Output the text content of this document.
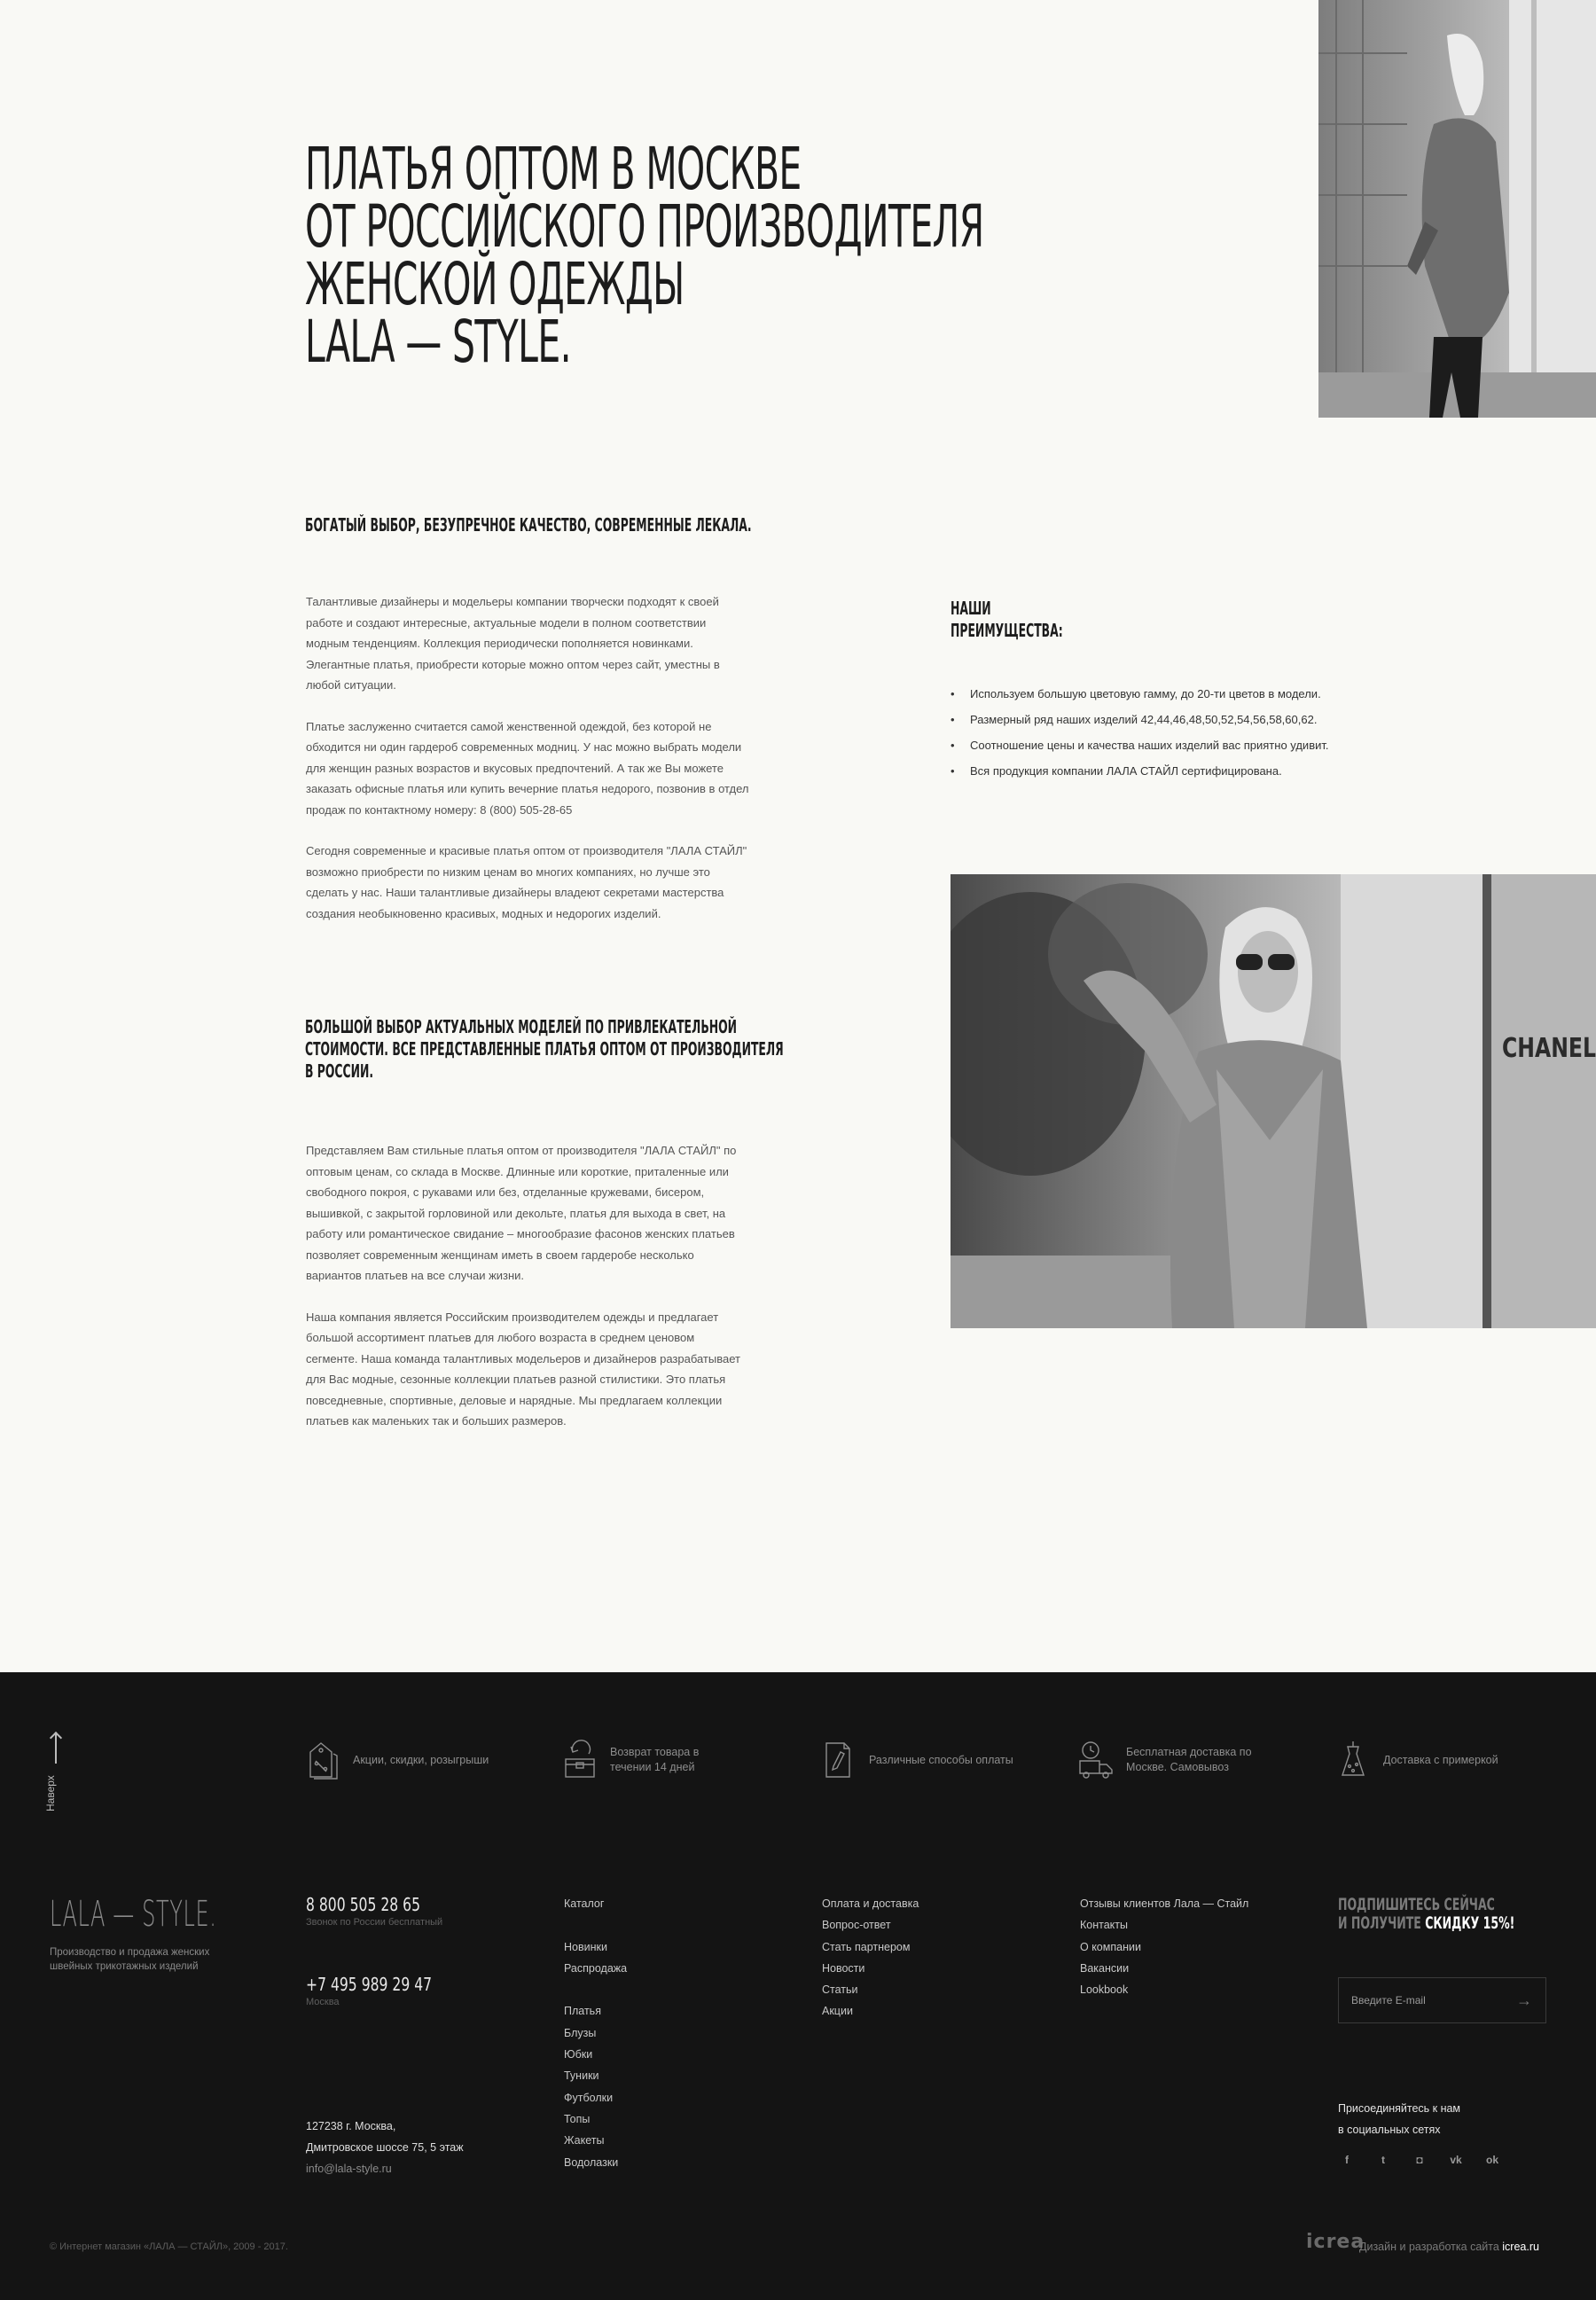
ПЛАТЬЯ ОПТОМ В МОСКВЕ
ОТ РОССИЙСКОГО ПРОИЗВОДИТЕЛЯ
ЖЕНСКОЙ ОДЕЖДЫ
LALA — STYLE.
БОГАТЫЙ ВЫБОР, БЕЗУПРЕЧНОЕ КАЧЕСТВО, СОВРЕМЕННЫЕ ЛЕКАЛА.

Талантливые дизайнеры и модельеры компании творчески подходят к своей работе и создают интересные, актуальные модели в полном соответствии модным тенденциям. Коллекция периодически пополняется новинками. Элегантные платья, приобрести которые можно оптом через сайт, уместны в любой ситуации.

Платье заслуженно считается самой женственной одеждой, без которой не обходится ни один гардероб современных модниц. У нас можно выбрать модели для женщин разных возрастов и вкусовых предпочтений. А так же Вы можете заказать офисные платья или купить вечерние платья недорого, позвонив в отдел продаж по контактному номеру: 8 (800) 505-28-65

Сегодня современные и красивые платья оптом от производителя "ЛАЛА СТАЙЛ" возможно приобрести по низким ценам во многих компаниях, но лучше это сделать у нас. Наши талантливые дизайнеры владеют секретами мастерства создания необыкновенно красивых, модных и недорогих изделий.

НАШИ
ПРЕИМУЩЕСТВА:
• Используем большую цветовую гамму, до 20-ти цветов в модели.
• Размерный ряд наших изделий 42,44,46,48,50,52,54,56,58,60,62.
• Соотношение цены и качества наших изделий вас приятно удивит.
• Вся продукция компании ЛАЛА СТАЙЛ сертифицирована.
CHANEL
БОЛЬШОЙ ВЫБОР АКТУАЛЬНЫХ МОДЕЛЕЙ ПО ПРИВЛЕКАТЕЛЬНОЙ
СТОИМОСТИ. ВСЕ ПРЕДСТАВЛЕННЫЕ ПЛАТЬЯ ОПТОМ ОТ ПРОИЗВОДИТЕЛЯ
В РОССИИ.

Представляем Вам стильные платья оптом от производителя "ЛАЛА СТАЙЛ" по оптовым ценам, со склада в Москве. Длинные или короткие, приталенные или свободного покроя, с рукавами или без, отделанные кружевами, бисером, вышивкой, с закрытой горловиной или декольте, платья для выхода в свет, на работу или романтическое свидание – многообразие фасонов женских платьев позволяет современным женщинам иметь в своем гардеробе несколько вариантов платьев на все случаи жизни.

Наша компания является Российским производителем одежды и предлагает большой ассортимент платьев для любого возраста в среднем ценовом сегменте. Наша команда талантливых модельеров и дизайнеров разрабатывает для Вас модные, сезонные коллекции платьев разной стилистики. Это платья повседневные, спортивные, деловые и нарядные. Мы предлагаем коллекции платьев как маленьких так и больших размеров.

Наверх
Акции, скидки, розыгрыши
Возврат товара в течении 14 дней
Различные способы оплаты
Бесплатная доставка по Москве. Самовывоз
Доставка с примеркой
LALA — STYLE.
Производство и продажа женских швейных трикотажных изделий
8 800 505 28 65
Звонок по России бесплатный
+7 495 989 29 47
Москва
127238 г. Москва,
Дмитровское шоссе 75, 5 этаж
info@lala-style.ru
Каталог
Новинки
Распродажа
Платья
Блузы
Юбки
Туники
Футболки
Топы
Жакеты
Водолазки
Оплата и доставка
Вопрос-ответ
Стать партнером
Новости
Статьи
Акции
Отзывы клиентов Лала — Стайл
Контакты
О компании
Вакансии
Lookbook
ПОДПИШИТЕСЬ СЕЙЧАС
И ПОЛУЧИТЕ СКИДКУ 15%!
Введите E-mail
→
Присоединяйтесь к нам
в социальных сетях
f	t	◘	vk ok
© Интернет магазин «ЛАЛА — СТАЙЛ», 2009 - 2017.	icrea
Дизайн и разработка сайта icrea.ru
